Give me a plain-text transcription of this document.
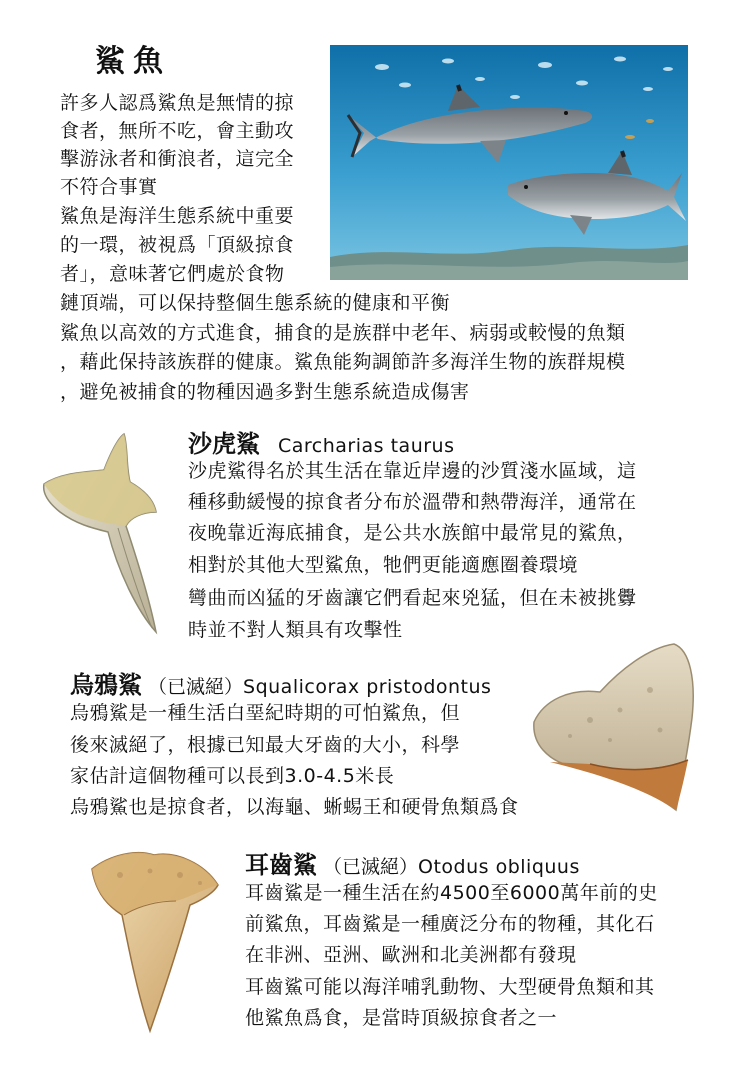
鯊魚
許多人認爲鯊魚是無情的掠
食者，無所不吃，會主動攻
擊游泳者和衝浪者，這完全
不符合事實
鯊魚是海洋生態系統中重要
的一環，被視爲「頂級掠食
者」，意味著它們處於食物
鏈頂端，可以保持整個生態系統的健康和平衡
鯊魚以高效的方式進食，捕食的是族群中老年、病弱或較慢的魚類
，藉此保持該族群的健康。鯊魚能夠調節許多海洋生物的族群規模
，避免被捕食的物種因過多對生態系統造成傷害
沙虎鯊 Carcharias taurus
沙虎鯊得名於其生活在靠近岸邊的沙質淺水區域，這
種移動緩慢的掠食者分布於溫帶和熱帶海洋，通常在
夜晚靠近海底捕食，是公共水族館中最常見的鯊魚，
相對於其他大型鯊魚，牠們更能適應圈養環境
彎曲而凶猛的牙齒讓它們看起來兇猛，但在未被挑釁
時並不對人類具有攻擊性
烏鴉鯊 （已滅絕）Squalicorax pristodontus
烏鴉鯊是一種生活白堊紀時期的可怕鯊魚，但
後來滅絕了，根據已知最大牙齒的大小，科學
家估計這個物種可以長到3.0-4.5米長
烏鴉鯊也是掠食者，以海龜、蜥蜴王和硬骨魚類爲食
耳齒鯊 （已滅絕）Otodus obliquus
耳齒鯊是一種生活在約4500至6000萬年前的史
前鯊魚，耳齒鯊是一種廣泛分布的物種，其化石
在非洲、亞洲、歐洲和北美洲都有發現
耳齒鯊可能以海洋哺乳動物、大型硬骨魚類和其
他鯊魚爲食，是當時頂級掠食者之一
